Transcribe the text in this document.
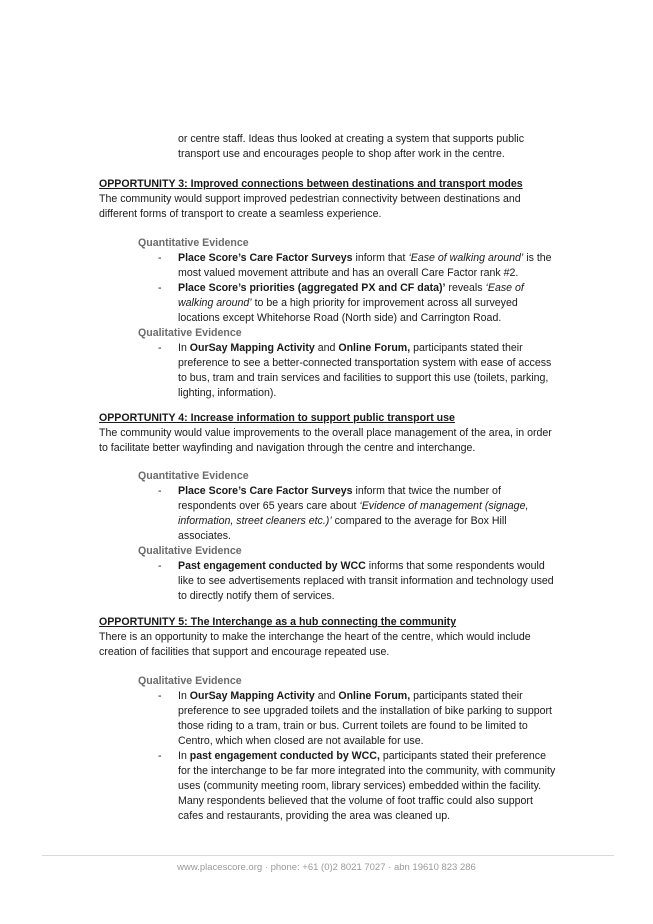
or centre staff. Ideas thus looked at creating a system that supports public
transport use and encourages people to shop after work in the centre.
OPPORTUNITY 3: Improved connections between destinations and transport modes
The community would support improved pedestrian connectivity between destinations and different forms of transport to create a seamless experience.
Quantitative Evidence
- Place Score’s Care Factor Surveys inform that ‘Ease of walking around’ is the most valued movement attribute and has an overall Care Factor rank #2.
- Place Score’s priorities (aggregated PX and CF data)’ reveals ‘Ease of walking around’ to be a high priority for improvement across all surveyed locations except Whitehorse Road (North side) and Carrington Road.
Qualitative Evidence
- In OurSay Mapping Activity and Online Forum, participants stated their preference to see a better-connected transportation system with ease of access to bus, tram and train services and facilities to support this use (toilets, parking, lighting, information).
OPPORTUNITY 4: Increase information to support public transport use
The community would value improvements to the overall place management of the area, in order to facilitate better wayfinding and navigation through the centre and interchange.
Quantitative Evidence
- Place Score’s Care Factor Surveys inform that twice the number of respondents over 65 years care about ‘Evidence of management (signage, information, street cleaners etc.)’ compared to the average for Box Hill associates.
Qualitative Evidence
- Past engagement conducted by WCC informs that some respondents would like to see advertisements replaced with transit information and technology used to directly notify them of services.
OPPORTUNITY 5: The Interchange as a hub connecting the community
There is an opportunity to make the interchange the heart of the centre, which would include creation of facilities that support and encourage repeated use.
Qualitative Evidence
- In OurSay Mapping Activity and Online Forum, participants stated their preference to see upgraded toilets and the installation of bike parking to support those riding to a tram, train or bus. Current toilets are found to be limited to Centro, which when closed are not available for use.
- In past engagement conducted by WCC, participants stated their preference for the interchange to be far more integrated into the community, with community uses (community meeting room, library services) embedded within the facility. Many respondents believed that the volume of foot traffic could also support cafes and restaurants, providing the area was cleaned up.
www.placescore.org · phone: +61 (0)2 8021 7027 · abn 19610 823 286
